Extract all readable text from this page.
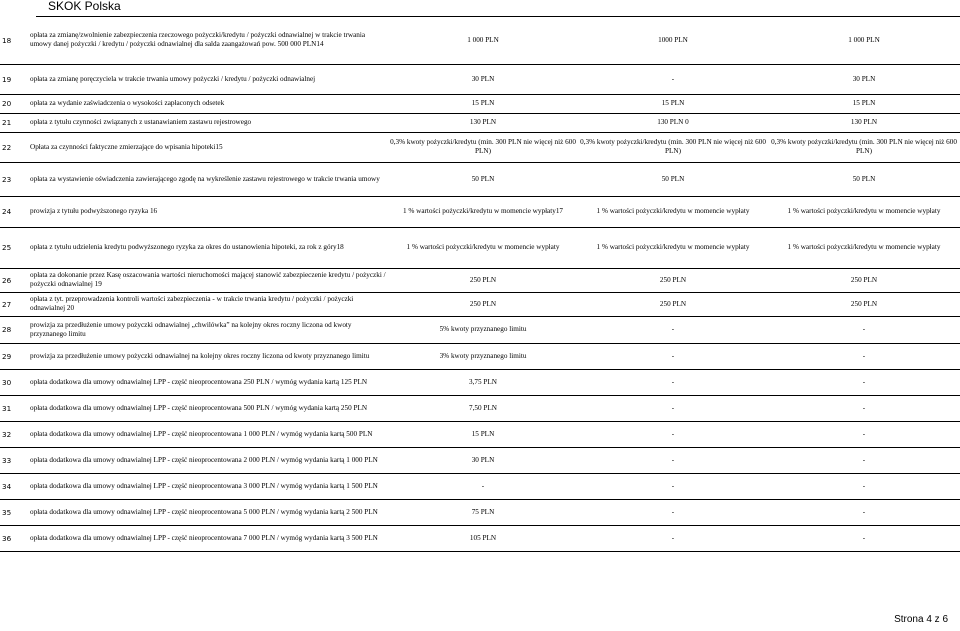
SKOK Polska
18	opłata za zmianę/zwolnienie zabezpieczenia rzeczowego pożyczki/kredytu / pożyczki odnawialnej w trakcie trwania umowy danej pożyczki / kredytu / pożyczki odnawialnej dla salda zaangażowań pow. 500 000 PLN14	1 000 PLN	1000 PLN	1 000 PLN
19	opłata za zmianę poręczyciela w trakcie trwania umowy pożyczki / kredytu / pożyczki odnawialnej	30 PLN	-	30 PLN
20	opłata za wydanie zaświadczenia o wysokości zapłaconych odsetek	15 PLN	15 PLN	15 PLN
21	opłata z tytułu czynności związanych z ustanawianiem zastawu rejestrowego	130 PLN	130 PLN 0	130 PLN
22	Opłata za czynności faktyczne zmierzające do wpisania hipoteki15	0,3% kwoty pożyczki/kredytu (min. 300 PLN nie więcej niż 600 PLN)	0,3% kwoty pożyczki/kredytu (min. 300 PLN nie więcej niż 600 PLN)	0,3% kwoty pożyczki/kredytu (min. 300 PLN nie więcej niż 600 PLN)
23	opłata za wystawienie oświadczenia zawierającego zgodę na wykreślenie zastawu rejestrowego w trakcie trwania umowy	50 PLN	50 PLN	50 PLN
24	prowizja z tytułu podwyższonego ryzyka 16	1 % wartości pożyczki/kredytu w momencie wypłaty17	1 % wartości pożyczki/kredytu w momencie wypłaty	1 % wartości pożyczki/kredytu w momencie wypłaty
25	opłata z tytułu udzielenia kredytu podwyższonego ryzyka za okres do ustanowienia hipoteki, za rok z góry18	1 % wartości pożyczki/kredytu w momencie wypłaty	1 % wartości pożyczki/kredytu w momencie wypłaty	1 % wartości pożyczki/kredytu w momencie wypłaty
26	opłata za dokonanie przez Kasę oszacowania wartości nieruchomości mającej stanowić zabezpieczenie kredytu / pożyczki / pożyczki odnawialnej 19	250 PLN	250 PLN	250 PLN
27	opłata z tyt. przeprowadzenia kontroli wartości zabezpieczenia - w trakcie trwania kredytu / pożyczki / pożyczki odnawialnej 20	250 PLN	250 PLN	250 PLN
28	prowizja za przedłużenie umowy pożyczki odnawialnej „chwilówka” na kolejny okres roczny liczona od kwoty przyznanego limitu	5% kwoty przyznanego limitu	-	-
29	prowizja za przedłużenie umowy pożyczki odnawialnej na kolejny okres roczny liczona od kwoty przyznanego limitu	3% kwoty przyznanego limitu	-	-
30	opłata dodatkowa dla umowy odnawialnej LPP - część nieoprocentowana 250 PLN / wymóg wydania kartą 125 PLN	3,75 PLN	-	-
31	opłata dodatkowa dla umowy odnawialnej LPP - część nieoprocentowana 500 PLN / wymóg wydania kartą 250 PLN	7,50 PLN	-	-
32	opłata dodatkowa dla umowy odnawialnej LPP - część nieoprocentowana 1 000 PLN / wymóg wydania kartą 500 PLN	15 PLN	-	-
33	opłata dodatkowa dla umowy odnawialnej LPP - część nieoprocentowana 2 000 PLN / wymóg wydania kartą 1 000 PLN	30 PLN	-	-
34	opłata dodatkowa dla umowy odnawialnej LPP - część nieoprocentowana 3 000 PLN / wymóg wydania kartą 1 500 PLN	-	-	-
35	opłata dodatkowa dla umowy odnawialnej LPP - część nieoprocentowana 5 000 PLN / wymóg wydania kartą 2 500 PLN	75 PLN	-	-
36	opłata dodatkowa dla umowy odnawialnej LPP - część nieoprocentowana 7 000 PLN / wymóg wydania kartą 3 500 PLN	105 PLN	-	-
Strona 4 z 6
